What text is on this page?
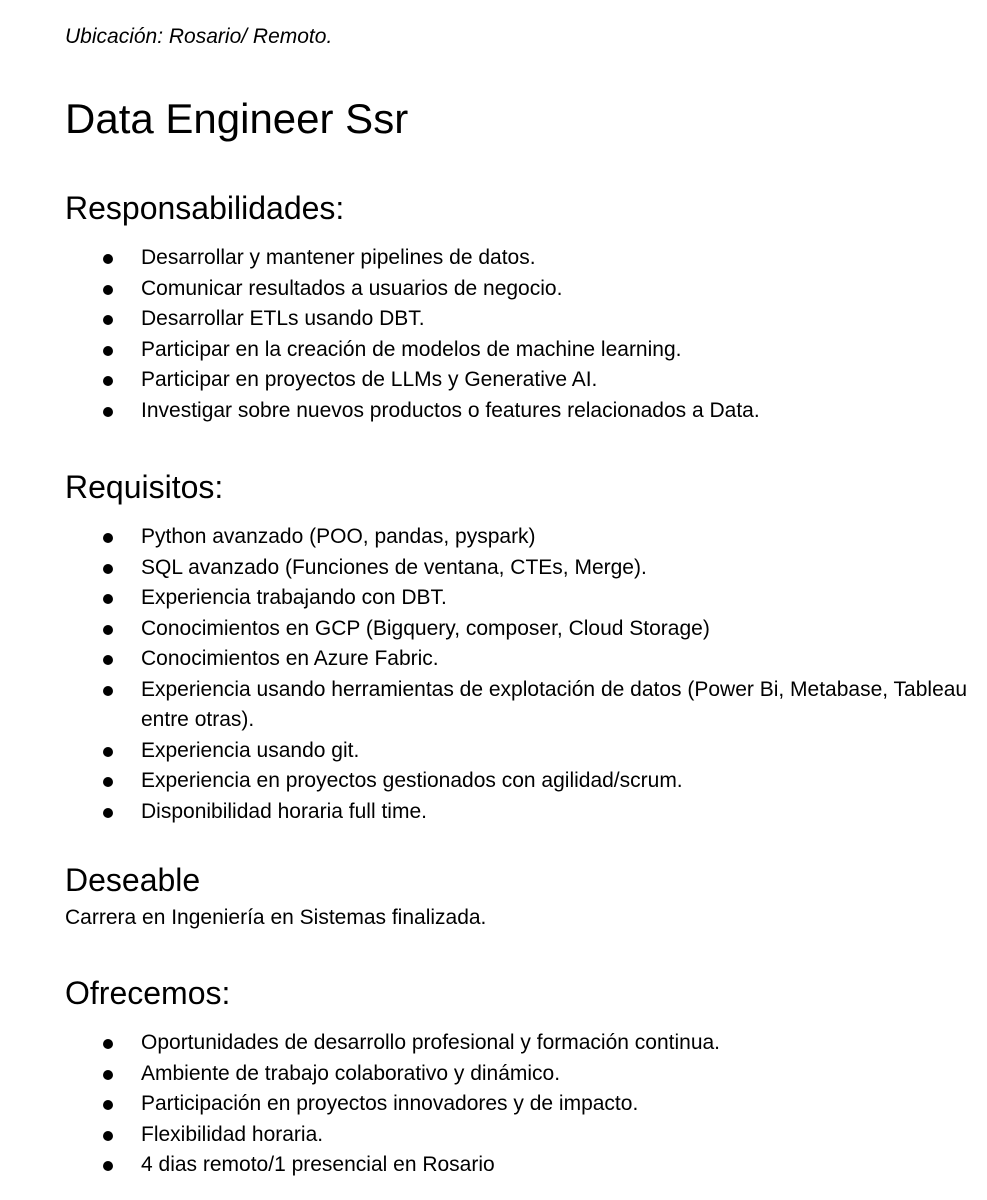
Ubicación: Rosario/ Remoto.
Data Engineer Ssr
Responsabilidades:
Desarrollar y mantener pipelines de datos.
Comunicar resultados a usuarios de negocio.
Desarrollar ETLs usando DBT.
Participar en la creación de modelos de machine learning.
Participar en proyectos de LLMs y Generative AI.
Investigar sobre nuevos productos o features relacionados a Data.
Requisitos:
Python avanzado (POO, pandas, pyspark)
SQL avanzado (Funciones de ventana, CTEs, Merge).
Experiencia trabajando con DBT.
Conocimientos en GCP (Bigquery, composer, Cloud Storage)
Conocimientos en Azure Fabric.
Experiencia usando herramientas de explotación de datos (Power Bi, Metabase, Tableau entre otras).
Experiencia usando git.
Experiencia en proyectos gestionados con agilidad/scrum.
Disponibilidad horaria full time.
Deseable
Carrera en Ingeniería en Sistemas finalizada.
Ofrecemos:
Oportunidades de desarrollo profesional y formación continua.
Ambiente de trabajo colaborativo y dinámico.
Participación en proyectos innovadores y de impacto.
Flexibilidad horaria.
4 dias remoto/1 presencial en Rosario
